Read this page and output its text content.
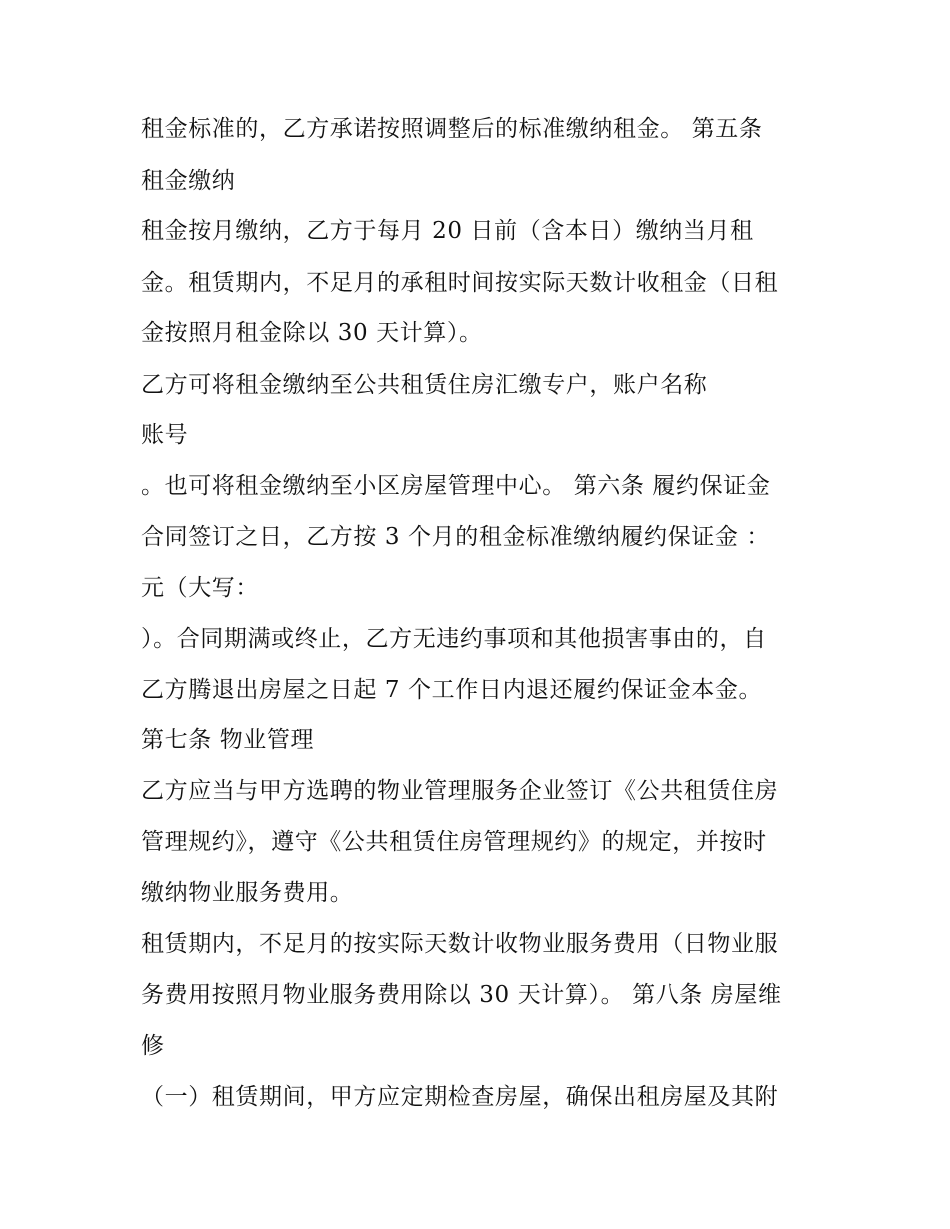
租金标准的，乙方承诺按照调整后的标准缴纳租金。 第五条
租金缴纳
租金按月缴纳，乙方于每月 20 日前（含本日）缴纳当月租
金。租赁期内，不足月的承租时间按实际天数计收租金（日租
金按照月租金除以 30 天计算）。
乙方可将租金缴纳至公共租赁住房汇缴专户，账户名称
账号
。也可将租金缴纳至小区房屋管理中心。 第六条 履约保证金
合同签订之日，乙方按 3 个月的租金标准缴纳履约保证金 ：
元（大写：
）。合同期满或终止，乙方无违约事项和其他损害事由的，自
乙方腾退出房屋之日起 7 个工作日内退还履约保证金本金。
第七条 物业管理
乙方应当与甲方选聘的物业管理服务企业签订《公共租赁住房
管理规约》，遵守《公共租赁住房管理规约》的规定，并按时
缴纳物业服务费用。
租赁期内，不足月的按实际天数计收物业服务费用（日物业服
务费用按照月物业服务费用除以 30 天计算）。 第八条 房屋维
修
（一）租赁期间，甲方应定期检查房屋，确保出租房屋及其附
